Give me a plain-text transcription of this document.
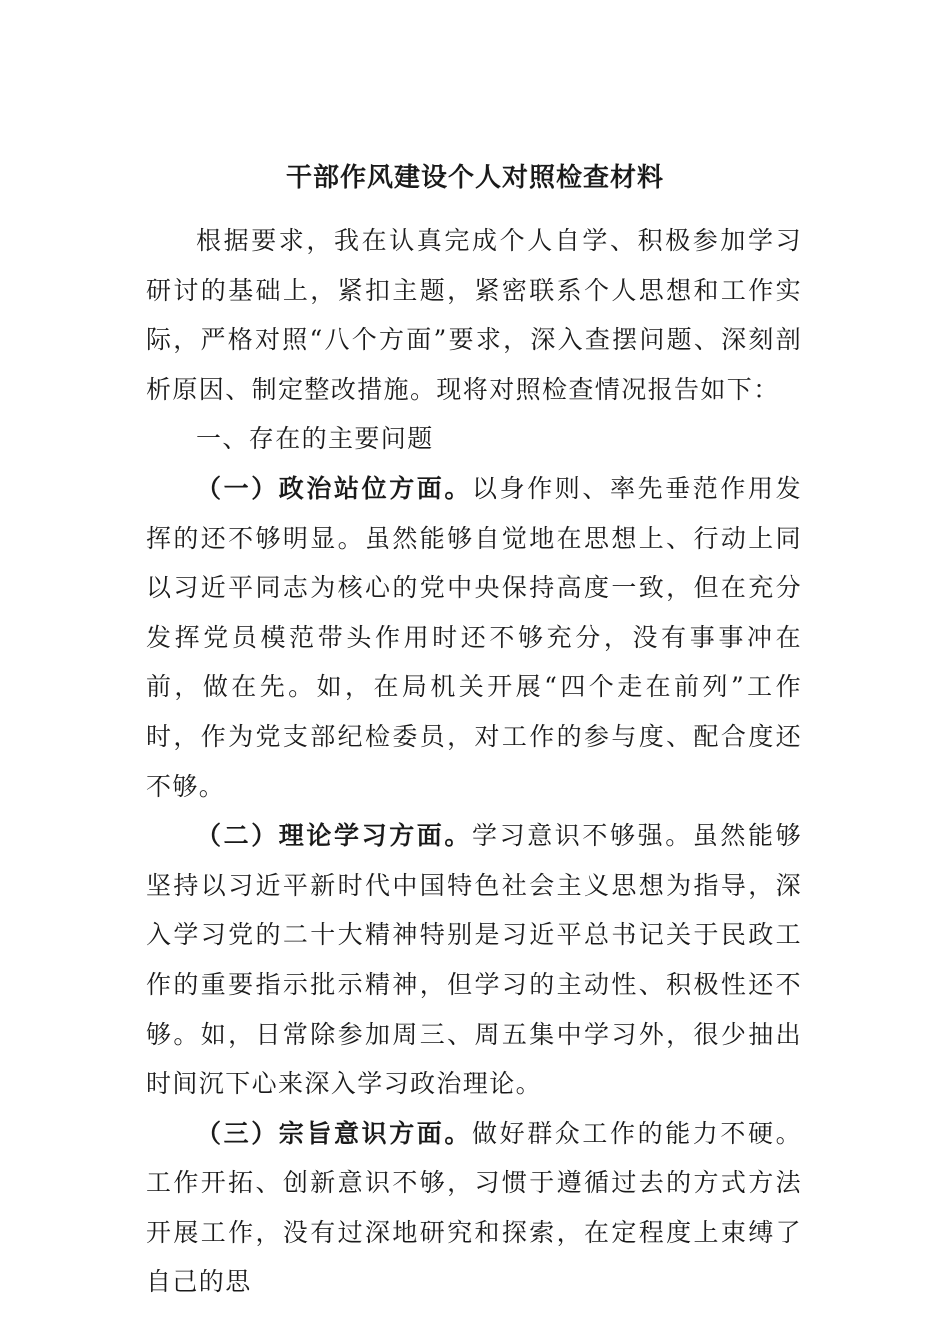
干部作风建设个人对照检查材料

根据要求，我在认真完成个人自学、积极参加学习研讨的基础上，紧扣主题，紧密联系个人思想和工作实际，严格对照“八个方面”要求，深入查摆问题、深刻剖析原因、制定整改措施。现将对照检查情况报告如下：

一、存在的主要问题

（一）政治站位方面。以身作则、率先垂范作用发挥的还不够明显。虽然能够自觉地在思想上、行动上同以习近平同志为核心的党中央保持高度一致，但在充分发挥党员模范带头作用时还不够充分，没有事事冲在前，做在先。如，在局机关开展“四个走在前列”工作时，作为党支部纪检委员，对工作的参与度、配合度还不够。

（二）理论学习方面。学习意识不够强。虽然能够坚持以习近平新时代中国特色社会主义思想为指导，深入学习党的二十大精神特别是习近平总书记关于民政工作的重要指示批示精神，但学习的主动性、积极性还不够。如，日常除参加周三、周五集中学习外，很少抽出时间沉下心来深入学习政治理论。

（三）宗旨意识方面。做好群众工作的能力不硬。工作开拓、创新意识不够，习惯于遵循过去的方式方法开展工作，没有过深地研究和探索，在定程度上束缚了自己的思
